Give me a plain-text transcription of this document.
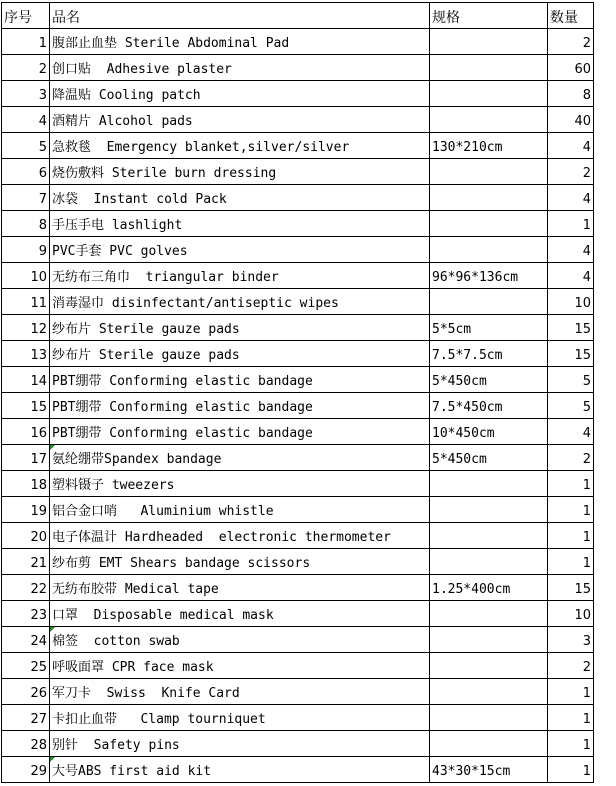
序号	品名	规格	数量
1	腹部止血垫 Sterile Abdominal Pad		2
2	创口贴  Adhesive plaster		60
3	降温贴 Cooling patch		8
4	酒精片 Alcohol pads		40
5	急救毯  Emergency blanket,silver/silver	130*210cm	4
6	烧伤敷料 Sterile burn dressing		2
7	冰袋  Instant cold Pack		4
8	手压手电 lashlight		1
9	PVC手套 PVC golves		4
10	无纺布三角巾  triangular binder	96*96*136cm	4
11	消毒湿巾 disinfectant/antiseptic wipes		10
12	纱布片 Sterile gauze pads	5*5cm	15
13	纱布片 Sterile gauze pads	7.5*7.5cm	15
14	PBT绷带 Conforming elastic bandage	5*450cm	5
15	PBT绷带 Conforming elastic bandage	7.5*450cm	5
16	PBT绷带 Conforming elastic bandage	10*450cm	4
17	氨纶绷带Spandex bandage	5*450cm	2
18	塑料镊子 tweezers		1
19	铝合金口哨   Aluminium whistle		1
20	电子体温计 Hardheaded  electronic thermometer		1
21	纱布剪 EMT Shears bandage scissors		1
22	无纺布胶带 Medical tape	1.25*400cm	15
23	口罩  Disposable medical mask		10
24	棉签  cotton swab		3
25	呼吸面罩 CPR face mask		2
26	军刀卡  Swiss  Knife Card		1
27	卡扣止血带   Clamp tourniquet		1
28	别针  Safety pins		1
29	大号ABS first aid kit	43*30*15cm	1
